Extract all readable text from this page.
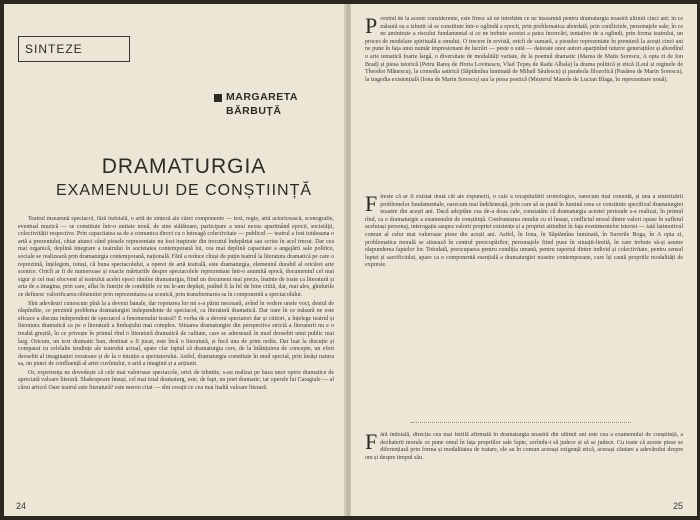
SINTEZE
MARGARETA
BĂRBUȚĂ
DRAMATURGIA
EXAMENULUI DE CONȘTIINȚĂ

Teatrul înseamnă spectacol, fără îndoială, o artă de sinteză ale cărei componente — text, regie, artă actoricească, scenografie, eventual muzică — se constituie într-o unitate nouă, de sine stătătoare, participare a unui nexus apartinând epocii, societății, colectivității respective. Prin capacitatea sa de a comunica direct cu o întreagă colectivitate — publicul — teatrul a fost totdeauna o artă a prezentului, chiar atunci când piesele reprezentate nu fost inspirate din trecutul îndepărtat sau scrise în acel trecut. Dar cea mai organică, deplină integrare a teatrului în societatea contemporană lui, cea mai deplină capacitate a angajării sale politice, sociale se realizează prin dramaturgia contemporană, națională. Fără a reduce cîtuși de puțin teatrul la literatura dramatică pe care o reprezintă, înțelegem, totuși, că buna spectacolului, a operei de artă teatrală, este dramaturgia, elementul durabil al oricărei arte scenice. Oricît ar fi de numeroase și exacte mărturiile despre spectacolele reprezentate într-o anumită epocă, documentul cel mai sigur și cel mai elocvent al teatrului acelei epoci rămîne dramaturgia, fiind un document mai precis, înainte de toate ca literatură și arta de a imagina, prin care, aflat în funcție de condițiile ce nu le-am depășit, putînd fi la fel de bine citită, dar, mai ales, gîndurile ce definesc valorificarea obisnuitei prin reprezentarea sa scenică, prin transformarea sa în componentă a spectacolului.

Sînt adevăruri cunoscute pînă la a deveni banale, dar repetarea lor mi s-a părut necesară, avînd în vedere unele voci, destul de răspîndite, ce prezintă problema dramaturgiei independente de spectacol, ca literatură dramatică. Dar oare în ce măsură ne este eficace a discuta independent de spectacol a fenomenului teatral? E vorba de a deveni spectatori dar și cititori, a înțelege teatrul și literatura dramatică ca pe o literatură a limbajului mai complex. Situarea dramaturgiei din perspectiva strictă a literaturii nu e o treabă greșită, în ce privește în primul rînd o literatură dramatică de calitate, care se adresează în mod deosebit unui public mai larg. Oricum, un text dramatic bun, destinat a fi jucat, este încă o literatură, și încă una de prim ordin. Dar luat la discuție și comparat cu celelalte tendințe ale teatrului actual, apare clar faptul că dramaturgia cere, de la înlănțuirea de concepte, un efort deosebit al imaginației creatoare și de la o intuiție a spectatorului. Astfel, dramaturgia constituie în mod special, prin însăși natura sa, un punct de confluență al artei cuvîntului, o artă a imaginii și a acțiunii.

Or, experiența ne dovedește că cele mai valoroase spectacole, orict de izbutite, s-au realizat pe baza unor opere dramatice de apreciată valoare literară. Shakespeare însuși, cel mai total dramaturg, este, de fapt, un poet dramatic; iar operele lui Caragiale — al cărui articol Oare teatrul este literatură? este mereu citat — sînt creații ce cea mai înaltă valoare literară.

24
Pornind de la aceste considerente, este firesc să ne întrebăm ce ne înseamnă pentru dramaturgia noastră ultimii cinci ani: în ce măsură ea a izbutit să se constituie într-o oglindă a epocii, prin problematica abordată, prin conflictele, personajele sale; în ce ne amintește a riscului fundamental si ce ne trebuie acestei a patra încercări, tentative de a oglindi, prin forma teatrului, un proces de modelare spirituală a omului. O trecere în revistă, oricît de sumară, a pieselor reprezentate în premieră la acești cinci ani ne pune în fața unui număr impresionant de lucrări — peste o sută — datorate unor autori aparținînd tuturor generațiilor și abordînd o arie tematică foarte largă, o diversitate de modalități variate, de la poemul dramatic (Marea de Matis Sorescu, A opta zi de Ion Brad) și piesa istorică (Petru Rareș de Horia Lovinescu, Vlad Țepeș de Radu Albala) la drama politică și etică (Leul și reginele de Theodor Mănescu), la comedia satirică (Săptămîna luminată de Mihail Săulescu) și parabola filozofică (Pasărea de Marin Sorescu), la tragedia existențială (Iona de Marin Sorescu) sau la piesa poetică (Meșterul Manole de Lucian Blaga, în reprezentare nouă).
Fireste că ar fi existat două căi ale expunerii, o cale a recapitulării cronologice, oarecum mai comodă, și una a sintetizării problemelor fundamentale, oarecum mai îndrăzneață, prin care să se pună în lumină ceea ce constituie specificul dramaturgiei noastre din acești ani. Dacă adoptăm cea de-a doua cale, constatăm că dramaturgia acestei perioade s-a realizat, în primul rînd, ca o dramaturgie a examenului de conștiință. Confruntarea omului cu el însuși, conflictul moral dintre valori opuse în sufletul aceluiași personaj, interogația asupra valorii propriei existențe și a propriei atitudini în fața evenimentelor istoriei — iată laitmotivul comun al celor mai valoroase piese din acești ani. Astfel, în Iona, în Săptămîna luminată, în Surorile Boga, în A opta zi, problematica morală se situează în centrul preocupărilor, personajele fiind puse în situații-limită, în care trebuie să-și asume răspunderea faptelor lor. Totodată, preocuparea pentru condiția umană, pentru raportul dintre individ și colectivitate, pentru sensul luptei și sacrificiului, apare ca o componentă esențială a dramaturgiei noastre contemporane, care își caută propriile modalități de expresie.
Fără îndoială, direcția cea mai fertilă afirmată în dramaturgia noastră din ultimii ani este cea a examenului de conștiință, a dezbaterii morale ce pune omul în fața propriilor sale fapte, cerîndu-i să judece și să se judece. Cu toate că aceste piese se diferențiază prin forma și modalitatea de tratare, ele au în comun aceeași exigență etică, aceeași căutare a adevărului despre om și despre timpul său.
25
